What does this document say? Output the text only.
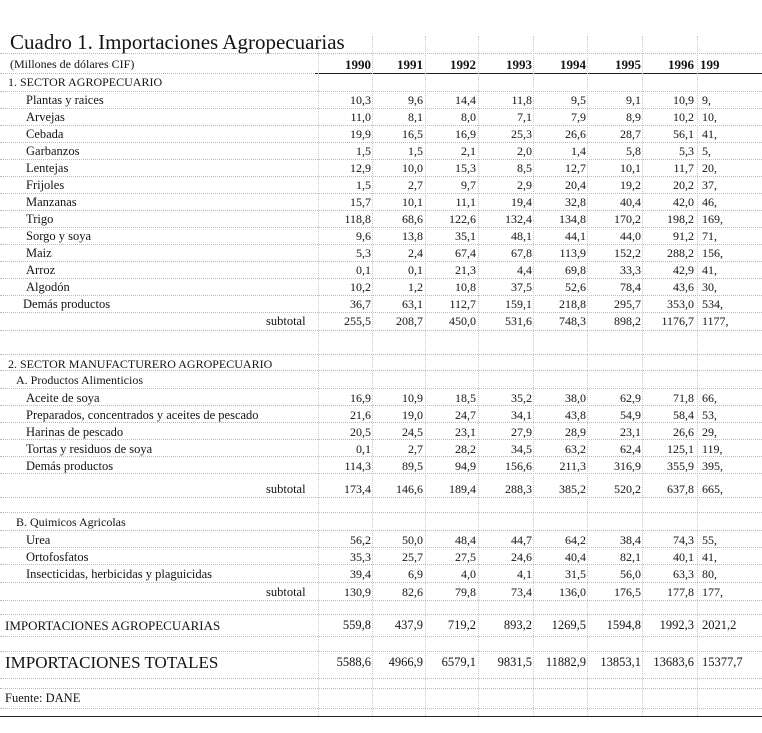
Cuadro 1. Importaciones Agropecuarias
(Millones de dólares CIF)	1990	1991	1992	1993	1994	1995	1996 199
1. SECTOR AGROPECUARIO
Plantas y raices	10,3	9,6	14,4	11,8	9,5	9,1	10,9 9,
Arvejas	11,0	8,1	8,0	7,1	7,9	8,9	10,2 10,
Cebada	19,9	16,5	16,9	25,3	26,6	28,7	56,1 41,
Garbanzos	1,5	1,5	2,1	2,0	1,4	5,8	5,3 5,
Lentejas	12,9	10,0	15,3	8,5	12,7	10,1	11,7 20,
Frijoles	1,5	2,7	9,7	2,9	20,4	19,2	20,2 37,
Manzanas	15,7	10,1	11,1	19,4	32,8	40,4	42,0 46,
Trigo	118,8	68,6	122,6	132,4	134,8	170,2	198,2 169,
Sorgo y soya	9,6	13,8	35,1	48,1	44,1	44,0	91,2 71,
Maiz	5,3	2,4	67,4	67,8	113,9	152,2	288,2 156,
Arroz	0,1	0,1	21,3	4,4	69,8	33,3	42,9 41,
Algodón	10,2	1,2	10,8	37,5	52,6	78,4	43,6 30,
Demás productos	36,7	63,1	112,7	159,1	218,8	295,7	353,0 534,
subtotal	255,5	208,7	450,0	531,6	748,3	898,2	1176,7 1177,
2. SECTOR MANUFACTURERO AGROPECUARIO
A. Productos Alimenticios
Aceite de soya	16,9	10,9	18,5	35,2	38,0	62,9	71,8 66,
Preparados, concentrados y aceites de pescado	21,6	19,0	24,7	34,1	43,8	54,9	58,4 53,
Harinas de pescado	20,5	24,5	23,1	27,9	28,9	23,1	26,6 29,
Tortas y residuos de soya	0,1	2,7	28,2	34,5	63,2	62,4	125,1 119,
Demás productos	114,3	89,5	94,9	156,6	211,3	316,9	355,9 395,
subtotal	173,4	146,6	189,4	288,3	385,2	520,2	637,8 665,
B. Quimicos Agricolas
Urea	56,2	50,0	48,4	44,7	64,2	38,4	74,3 55,
Ortofosfatos	35,3	25,7	27,5	24,6	40,4	82,1	40,1 41,
Insecticidas, herbicidas y plaguicidas	39,4	6,9	4,0	4,1	31,5	56,0	63,3 80,
subtotal	130,9	82,6	79,8	73,4	136,0	176,5	177,8 177,
IMPORTACIONES AGROPECUARIAS	559,8	437,9	719,2	893,2	1269,5	1594,8	1992,3 2021,2
IMPORTACIONES TOTALES	5588,6	4966,9	6579,1	9831,5	11882,9	13853,1 13683,6 15377,7
Fuente: DANE
